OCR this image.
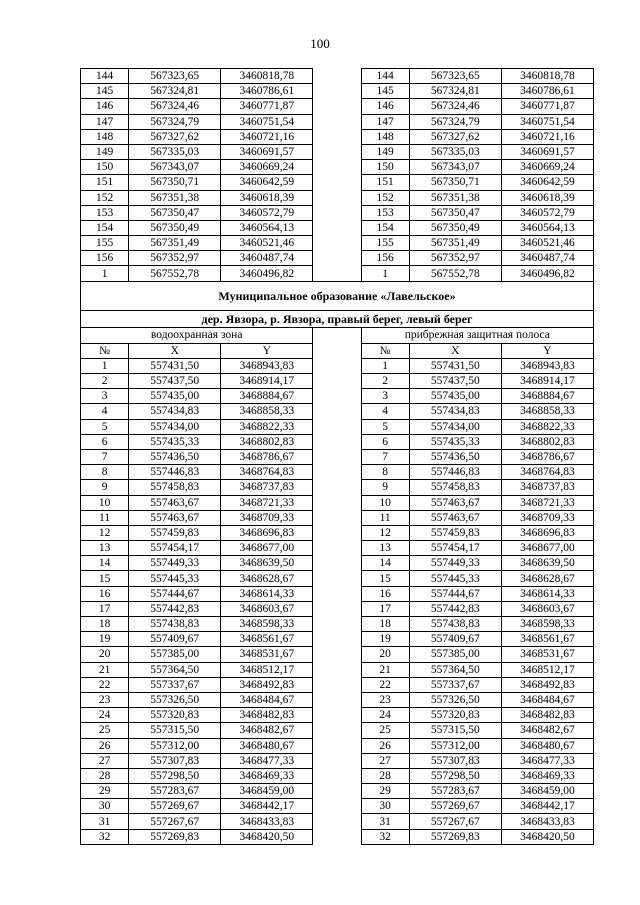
100
144	567323,65	3460818,78		144	567323,65	3460818,78
145	567324,81	3460786,61		145	567324,81	3460786,61
146	567324,46	3460771,87		146	567324,46	3460771,87
147	567324,79	3460751,54		147	567324,79	3460751,54
148	567327,62	3460721,16		148	567327,62	3460721,16
149	567335,03	3460691,57		149	567335,03	3460691,57
150	567343,07	3460669,24		150	567343,07	3460669,24
151	567350,71	3460642,59		151	567350,71	3460642,59
152	567351,38	3460618,39		152	567351,38	3460618,39
153	567350,47	3460572,79		153	567350,47	3460572,79
154	567350,49	3460564,13		154	567350,49	3460564,13
155	567351,49	3460521,46		155	567351,49	3460521,46
156	567352,97	3460487,74		156	567352,97	3460487,74
1	567552,78	3460496,82		1	567552,78	3460496,82
Муниципальное образование «Лавельское»						
дер. Явзора, р. Явзора, правый берег, левый берег						
водоохранная зона				прибрежная защитная полоса		
№	X	Y		№	X	Y
1	557431,50	3468943,83		1	557431,50	3468943,83
2	557437,50	3468914,17		2	557437,50	3468914,17
3	557435,00	3468884,67		3	557435,00	3468884,67
4	557434,83	3468858,33		4	557434,83	3468858,33
5	557434,00	3468822,33		5	557434,00	3468822,33
6	557435,33	3468802,83		6	557435,33	3468802,83
7	557436,50	3468786,67		7	557436,50	3468786,67
8	557446,83	3468764,83		8	557446,83	3468764,83
9	557458,83	3468737,83		9	557458,83	3468737,83
10	557463,67	3468721,33		10	557463,67	3468721,33
11	557463,67	3468709,33		11	557463,67	3468709,33
12	557459,83	3468696,83		12	557459,83	3468696,83
13	557454,17	3468677,00		13	557454,17	3468677,00
14	557449,33	3468639,50		14	557449,33	3468639,50
15	557445,33	3468628,67		15	557445,33	3468628,67
16	557444,67	3468614,33		16	557444,67	3468614,33
17	557442,83	3468603,67		17	557442,83	3468603,67
18	557438,83	3468598,33		18	557438,83	3468598,33
19	557409,67	3468561,67		19	557409,67	3468561,67
20	557385,00	3468531,67		20	557385,00	3468531,67
21	557364,50	3468512,17		21	557364,50	3468512,17
22	557337,67	3468492,83		22	557337,67	3468492,83
23	557326,50	3468484,67		23	557326,50	3468484,67
24	557320,83	3468482,83		24	557320,83	3468482,83
25	557315,50	3468482,67		25	557315,50	3468482,67
26	557312,00	3468480,67		26	557312,00	3468480,67
27	557307,83	3468477,33		27	557307,83	3468477,33
28	557298,50	3468469,33		28	557298,50	3468469,33
29	557283,67	3468459,00		29	557283,67	3468459,00
30	557269,67	3468442,17		30	557269,67	3468442,17
31	557267,67	3468433,83		31	557267,67	3468433,83
32	557269,83	3468420,50		32	557269,83	3468420,50
